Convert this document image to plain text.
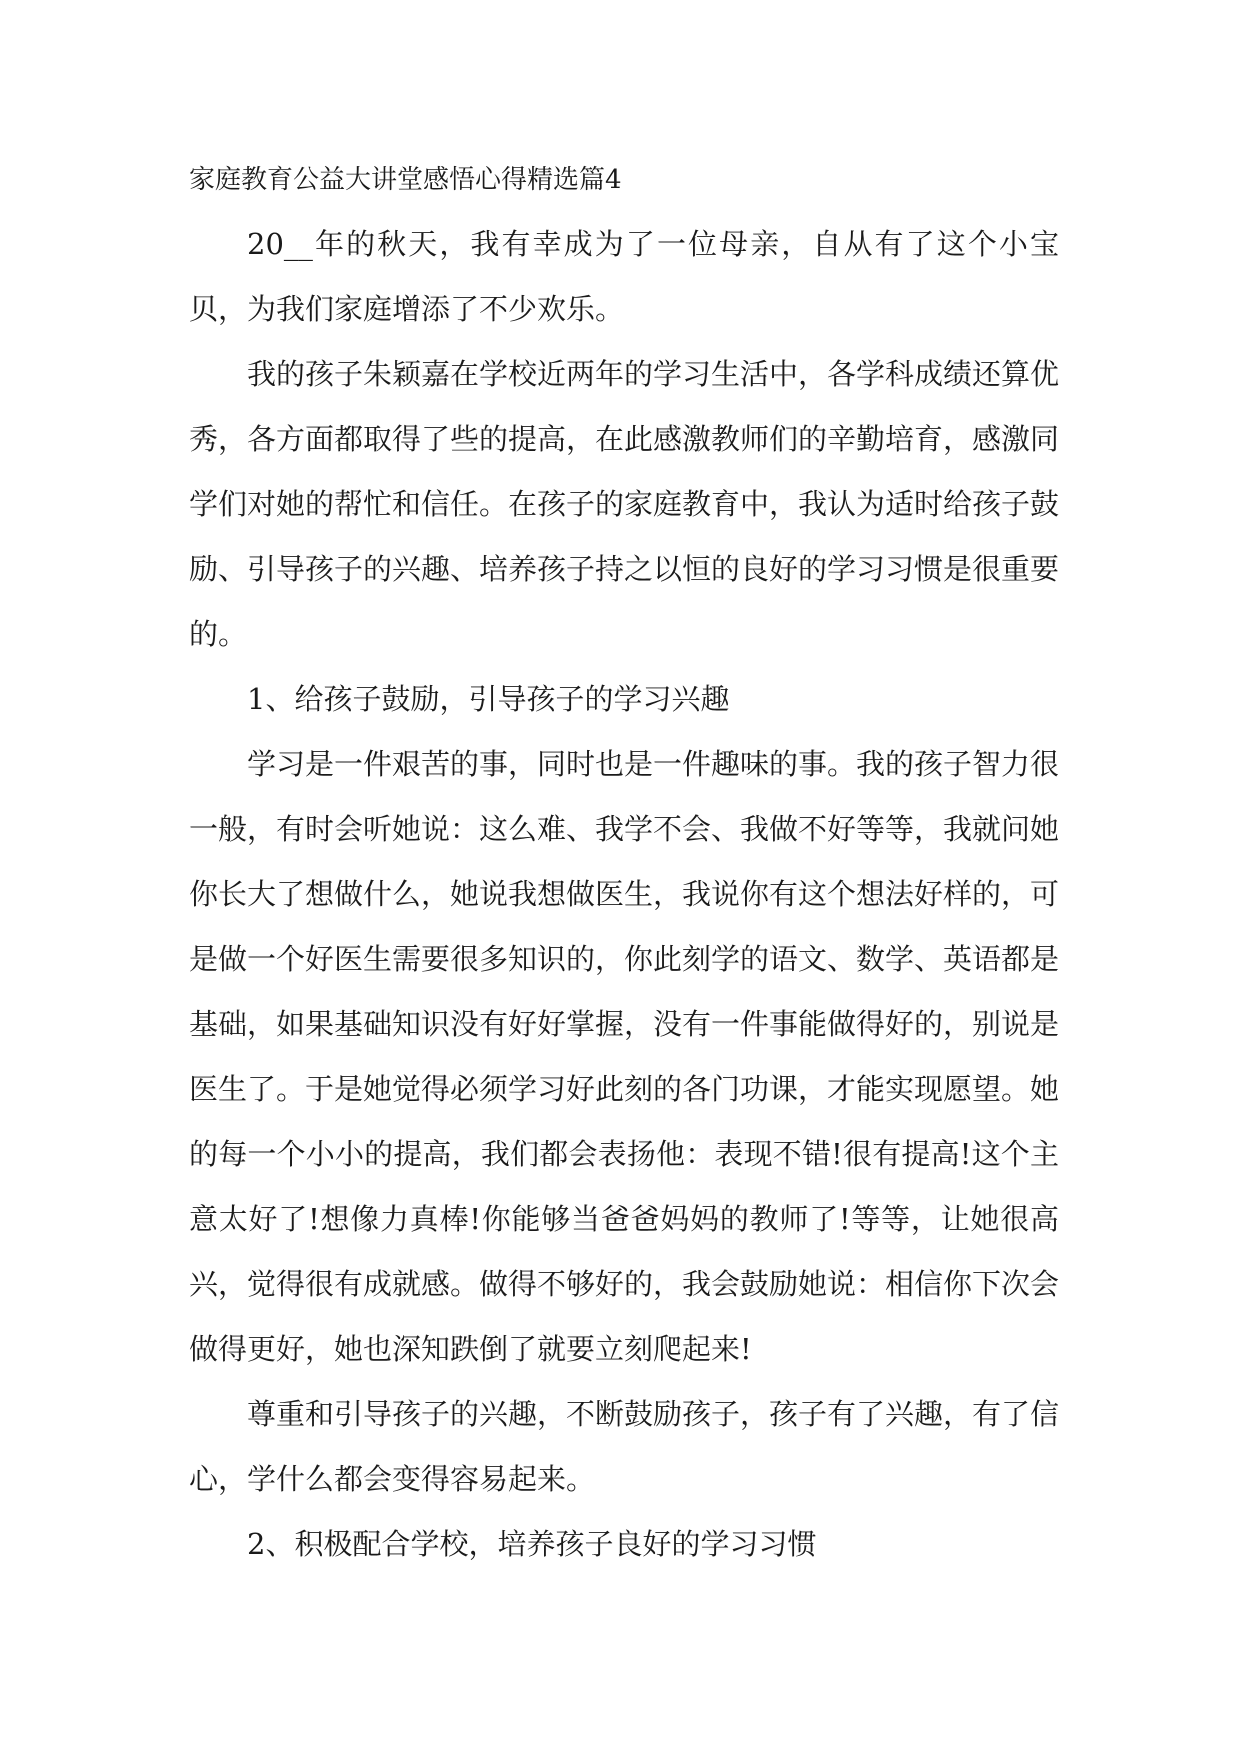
家庭教育公益大讲堂感悟心得精选篇4

20__年的秋天，我有幸成为了一位母亲，自从有了这个小宝贝，为我们家庭增添了不少欢乐。

我的孩子朱颖嘉在学校近两年的学习生活中，各学科成绩还算优秀，各方面都取得了些的提高，在此感激教师们的辛勤培育，感激同学们对她的帮忙和信任。在孩子的家庭教育中，我认为适时给孩子鼓励、引导孩子的兴趣、培养孩子持之以恒的良好的学习习惯是很重要的。

1、给孩子鼓励，引导孩子的学习兴趣

学习是一件艰苦的事，同时也是一件趣味的事。我的孩子智力很一般，有时会听她说：这么难、我学不会、我做不好等等，我就问她你长大了想做什么，她说我想做医生，我说你有这个想法好样的，可是做一个好医生需要很多知识的，你此刻学的语文、数学、英语都是基础，如果基础知识没有好好掌握，没有一件事能做得好的，别说是医生了。于是她觉得必须学习好此刻的各门功课，才能实现愿望。她的每一个小小的提高，我们都会表扬他：表现不错!很有提高!这个主意太好了!想像力真棒!你能够当爸爸妈妈的教师了!等等，让她很高兴，觉得很有成就感。做得不够好的，我会鼓励她说：相信你下次会做得更好，她也深知跌倒了就要立刻爬起来!

尊重和引导孩子的兴趣，不断鼓励孩子，孩子有了兴趣，有了信心，学什么都会变得容易起来。

2、积极配合学校，培养孩子良好的学习习惯
